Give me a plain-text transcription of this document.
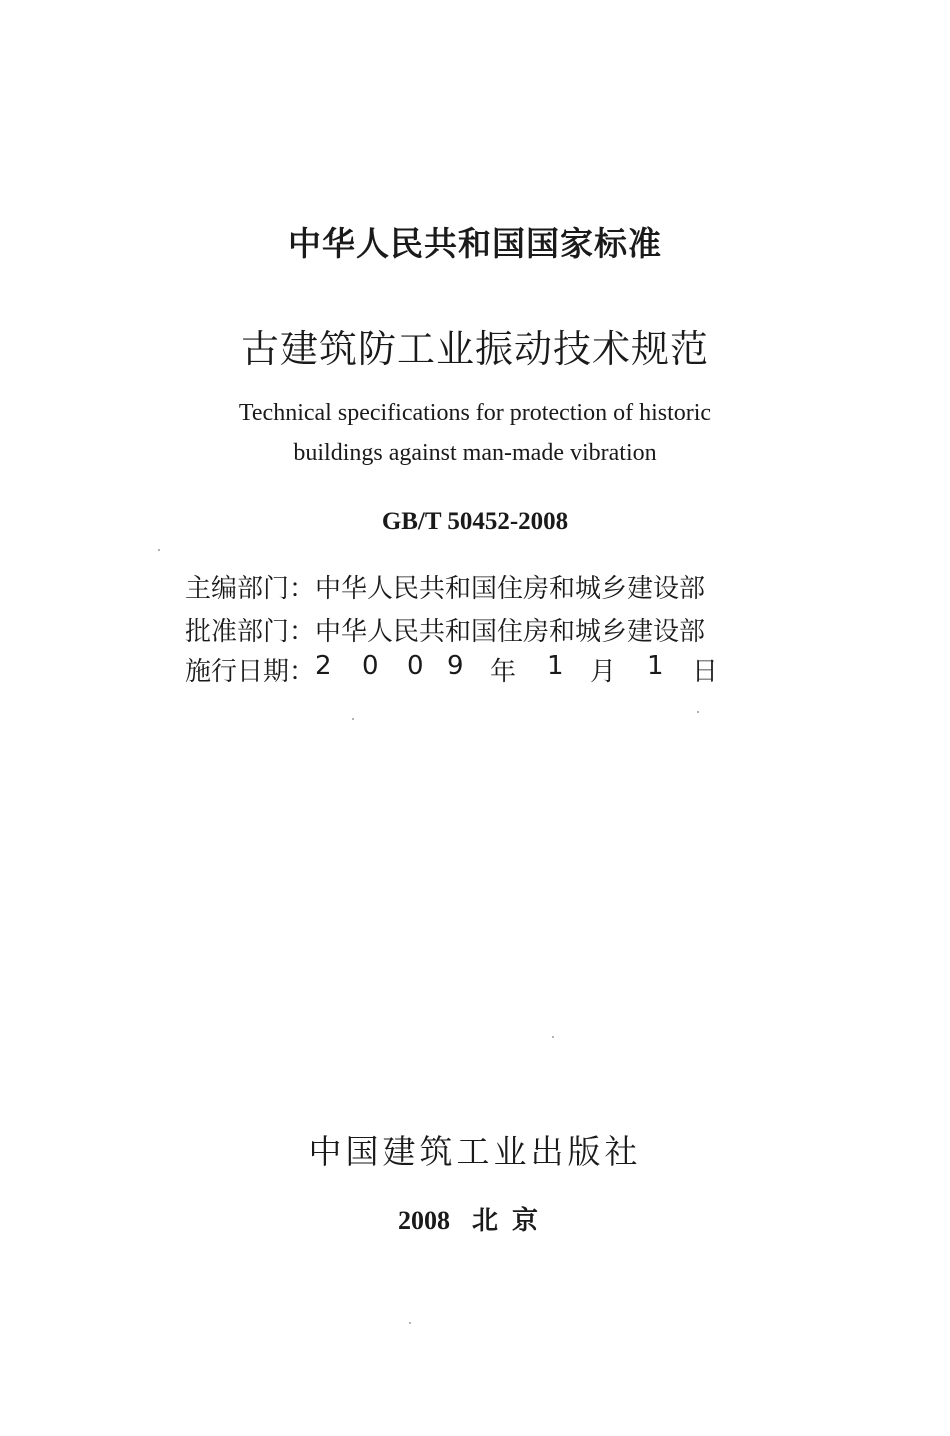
中华人民共和国国家标准
古建筑防工业振动技术规范
Technical specifications for protection of historic
buildings against man-made vibration
GB/T 50452-2008
主编部门：中华人民共和国住房和城乡建设部
批准部门：中华人民共和国住房和城乡建设部
施行日期： 2 0 0 9 年 1 月 1 日
中国建筑工业出版社
2008 北京
